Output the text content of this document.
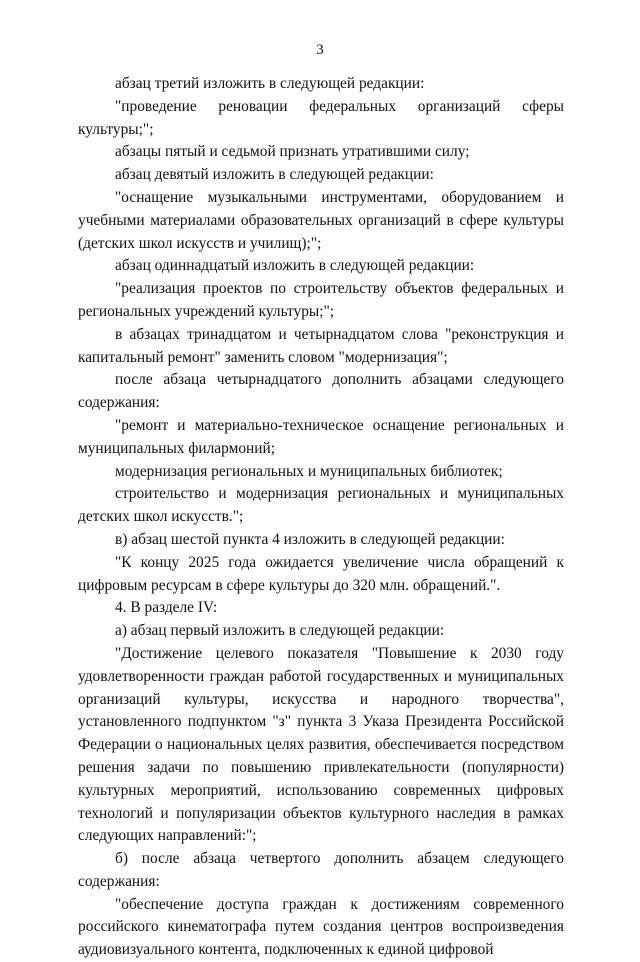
3

абзац третий изложить в следующей редакции:

"проведение реновации федеральных организаций сферы культуры;";

абзацы пятый и седьмой признать утратившими силу;

абзац девятый изложить в следующей редакции:

"оснащение музыкальными инструментами, оборудованием и учебными материалами образовательных организаций в сфере культуры (детских школ искусств и училищ);";

абзац одиннадцатый изложить в следующей редакции:

"реализация проектов по строительству объектов федеральных и региональных учреждений культуры;";

в абзацах тринадцатом и четырнадцатом слова "реконструкция и капитальный ремонт" заменить словом "модернизация";

после абзаца четырнадцатого дополнить абзацами следующего содержания:

"ремонт и материально-техническое оснащение региональных и муниципальных филармоний;

модернизация региональных и муниципальных библиотек;

строительство и модернизация региональных и муниципальных детских школ искусств.";

в) абзац шестой пункта 4 изложить в следующей редакции:

"К концу 2025 года ожидается увеличение числа обращений к цифровым ресурсам в сфере культуры до 320 млн. обращений.".

4. В разделе IV:

а) абзац первый изложить в следующей редакции:

"Достижение целевого показателя "Повышение к 2030 году удовлетворенности граждан работой государственных и муниципальных организаций культуры, искусства и народного творчества", установленного подпунктом "з" пункта 3 Указа Президента Российской Федерации о национальных целях развития, обеспечивается посредством решения задачи по повышению привлекательности (популярности) культурных мероприятий, использованию современных цифровых технологий и популяризации объектов культурного наследия в рамках следующих направлений:";

б) после абзаца четвертого дополнить абзацем следующего содержания:

"обеспечение доступа граждан к достижениям современного российского кинематографа путем создания центров воспроизведения аудиовизуального контента, подключенных к единой цифровой
